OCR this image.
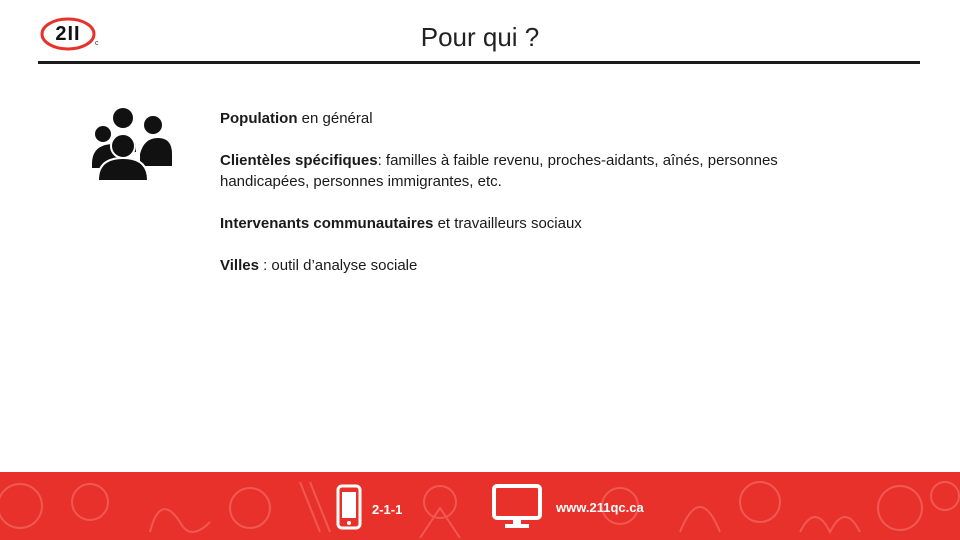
2II	c	Pour qui ?
Population en général
Clientèles spécifiques: familles à faible revenu, proches-aidants, aînés, personnes handicapées, personnes immigrantes, etc.
Intervenants communautaires et travailleurs sociaux
Villes : outil d’analyse sociale
2-1-1	www.211qc.ca
